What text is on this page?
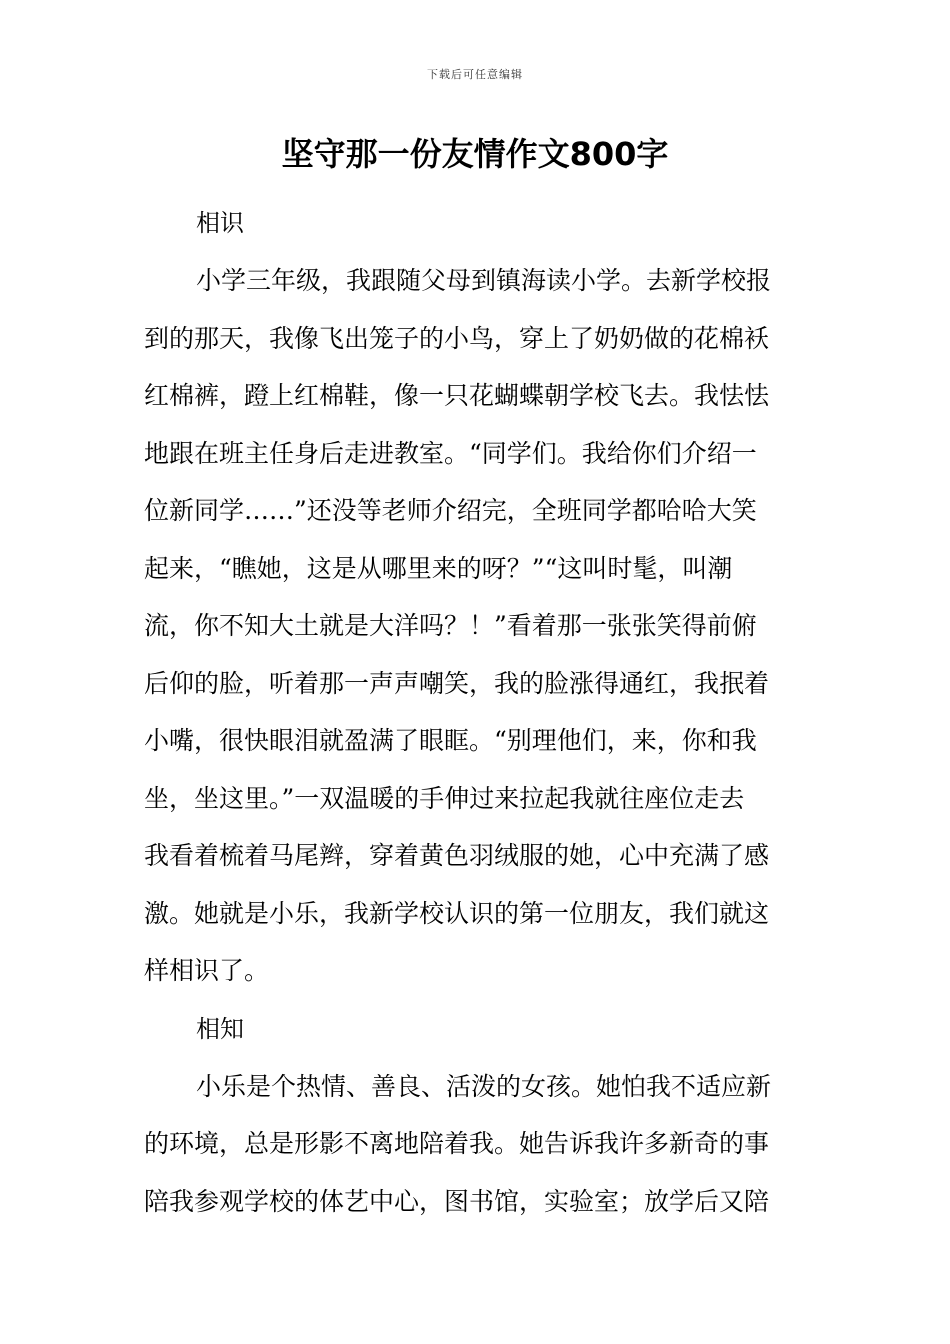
下载后可任意编辑
坚守那一份友情作文800字
相识
小学三年级，我跟随父母到镇海读小学。去新学校报
到的那天，我像飞出笼子的小鸟，穿上了奶奶做的花棉袄
红棉裤，蹬上红棉鞋，像一只花蝴蝶朝学校飞去。我怯怯
地跟在班主任身后走进教室。“同学们。我给你们介绍一
位新同学……”还没等老师介绍完，全班同学都哈哈大笑
起来，“瞧她，这是从哪里来的呀？”“这叫时髦，叫潮
流，你不知大土就是大洋吗？！”看着那一张张笑得前俯
后仰的脸，听着那一声声嘲笑，我的脸涨得通红，我抿着
小嘴，很快眼泪就盈满了眼眶。“别理他们，来，你和我
坐，坐这里。”一双温暖的手伸过来拉起我就往座位走去
我看着梳着马尾辫，穿着黄色羽绒服的她，心中充满了感
激。她就是小乐，我新学校认识的第一位朋友，我们就这
样相识了。
相知
小乐是个热情、善良、活泼的女孩。她怕我不适应新
的环境，总是形影不离地陪着我。她告诉我许多新奇的事
陪我参观学校的体艺中心，图书馆，实验室；放学后又陪
